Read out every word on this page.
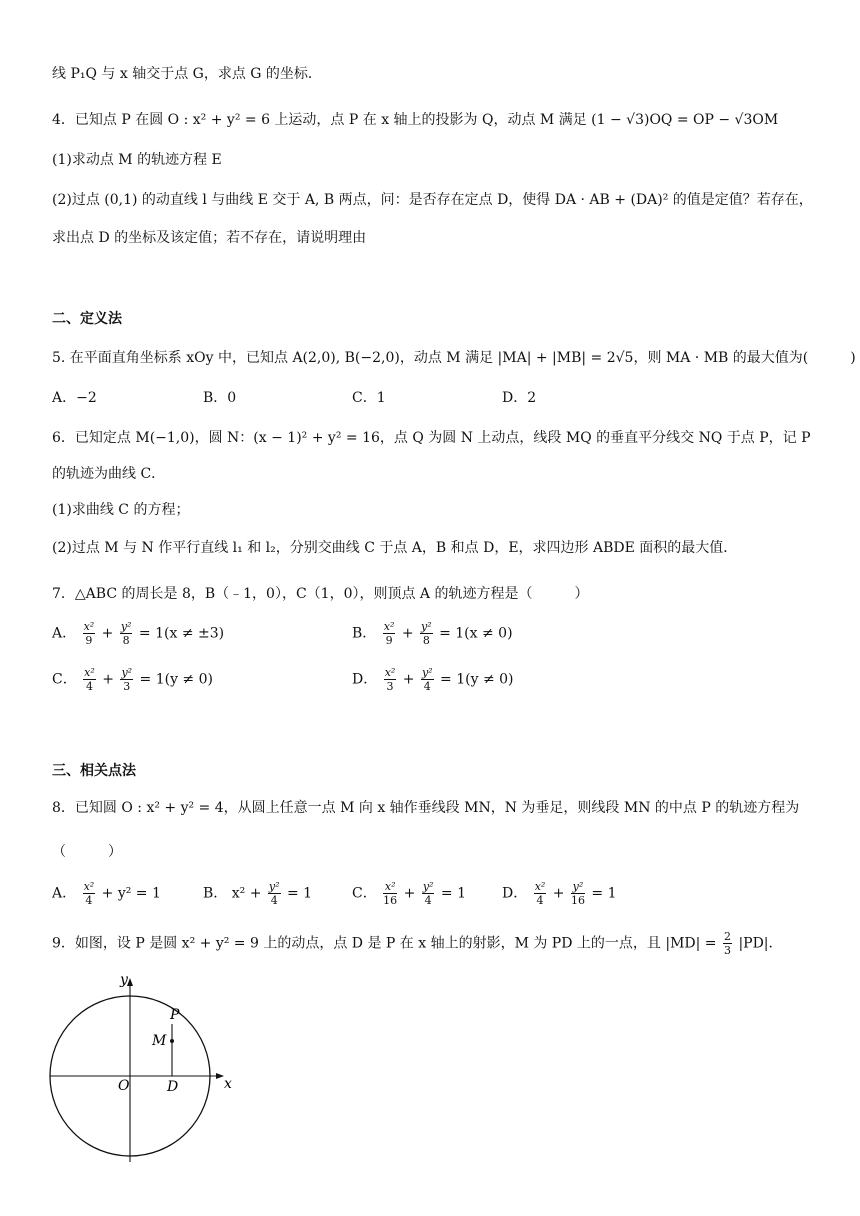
线 P₁Q 与 x 轴交于点 G，求点 G 的坐标．
4．已知点 P 在圆 O : x² + y² = 6 上运动，点 P 在 x 轴上的投影为 Q，动点 M 满足 (1 − √3)OQ = OP − √3OM
(1)求动点 M 的轨迹方程 E
(2)过点 (0,1) 的动直线 l 与曲线 E 交于 A, B 两点，问：是否存在定点 D，使得 DA · AB + (DA)² 的值是定值？若存在，
求出点 D 的坐标及该定值；若不存在，请说明理由
二、定义法
5. 在平面直角坐标系 xOy 中，已知点 A(2,0), B(−2,0)，动点 M 满足 |MA| + |MB| = 2√5，则 MA · MB 的最大值为(　　　)
A．−2	B．0	C．1	D．2
6．已知定点 M(−1,0)，圆 N：(x − 1)² + y² = 16，点 Q 为圆 N 上动点，线段 MQ 的垂直平分线交 NQ 于点 P，记 P
的轨迹为曲线 C．
(1)求曲线 C 的方程；
(2)过点 M 与 N 作平行直线 l₁ 和 l₂，分别交曲线 C 于点 A，B 和点 D，E，求四边形 ABDE 面积的最大值．
7．△ABC 的周长是 8，B（﹣1，0），C（1，0），则顶点 A 的轨迹方程是（　　　）
A． $\frac{\text{x²}}{9} + \frac{\text{y²}}{8} = 1(x \ne \pm 3)$	B． $\frac{\text{x²}}{9} + \frac{\text{y²}}{8} = 1(x \ne 0)$
C． $\frac{\text{x²}}{4} + \frac{\text{y²}}{3} = 1(y \ne 0)$	D． $\frac{\text{x²}}{3} + \frac{\text{y²}}{4} = 1(y \ne 0)$
三、相关点法
8．已知圆 O : x² + y² = 4，从圆上任意一点 M 向 x 轴作垂线段 MN，N 为垂足，则线段 MN 的中点 P 的轨迹方程为
（　　　）
A． $\frac{\text{x²}}{4} + y^2 = 1$	B． $x^2 + \frac{\text{y²}}{4} = 1$	C． $\frac{\text{x²}}{16} + \frac{\text{y²}}{4} = 1$	D． $\frac{\text{x²}}{4} + \frac{\text{y²}}{16} = 1$
9．如图，设 P 是圆 x² + y² = 9 上的动点，点 D 是 P 在 x 轴上的射影，M 为 PD 上的一点，且 $|MD| = \frac{2}{3} |PD|$．
y
x
O	D
P
M
